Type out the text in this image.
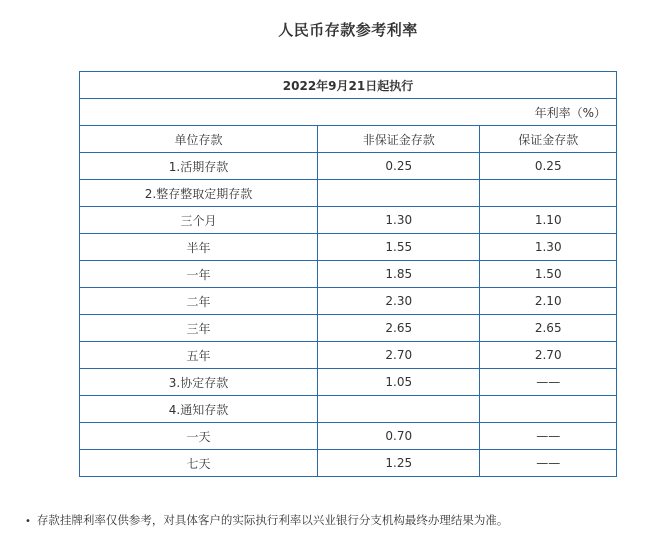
人民币存款参考利率
2022年9月21日起执行		
年利率（%）		
单位存款	非保证金存款	保证金存款
1.活期存款	0.25	0.25
2.整存整取定期存款		
三个月	1.30	1.10
半年	1.55	1.30
一年	1.85	1.50
二年	2.30	2.10
三年	2.65	2.65
五年	2.70	2.70
3.协定存款	1.05	——
4.通知存款		
一天	0.70	——
七天	1.25	——
• 存款挂牌利率仅供参考，对具体客户的实际执行利率以兴业银行分支机构最终办理结果为准。
